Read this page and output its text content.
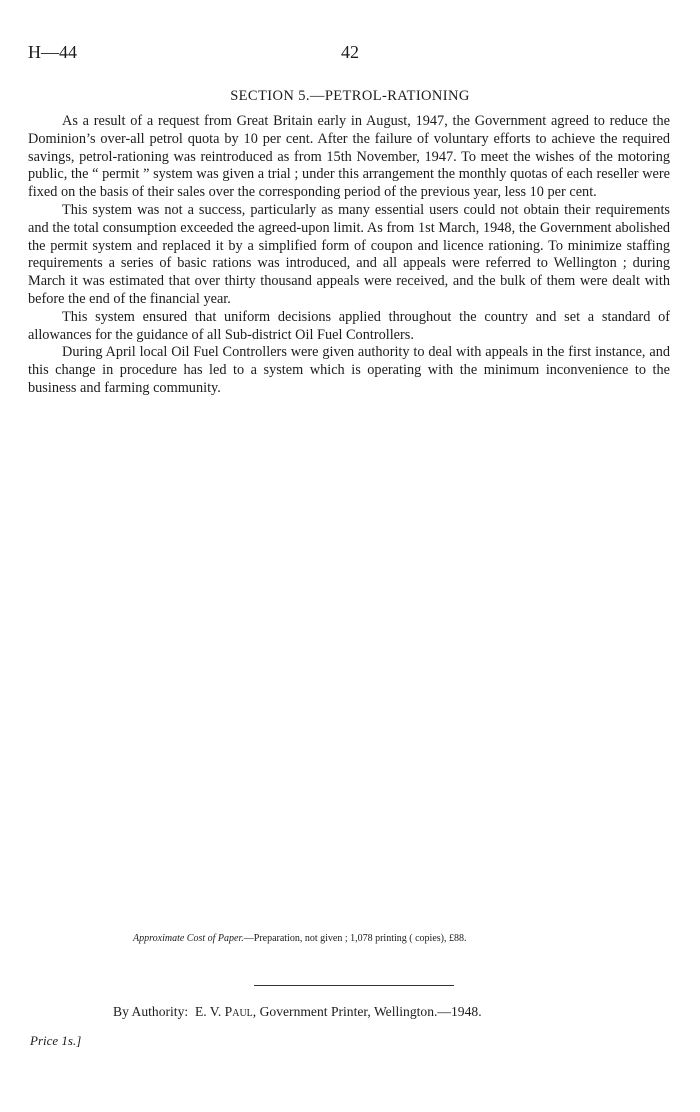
H—44	42
SECTION 5.—PETROL-RATIONING

As a result of a request from Great Britain early in August, 1947, the Government agreed to reduce the Dominion’s over-all petrol quota by 10 per cent. After the failure of voluntary efforts to achieve the required savings, petrol-rationing was reintroduced as from 15th November, 1947. To meet the wishes of the motoring public, the “ permit ” system was given a trial ; under this arrangement the monthly quotas of each reseller were fixed on the basis of their sales over the corresponding period of the previous year, less 10 per cent.

This system was not a success, particularly as many essential users could not obtain their requirements and the total consumption exceeded the agreed-upon limit. As from 1st March, 1948, the Government abolished the permit system and replaced it by a simplified form of coupon and licence rationing. To minimize staffing requirements a series of basic rations was introduced, and all appeals were referred to Wellington ; during March it was estimated that over thirty thousand appeals were received, and the bulk of them were dealt with before the end of the financial year.

This system ensured that uniform decisions applied throughout the country and set a standard of allowances for the guidance of all Sub-district Oil Fuel Controllers.

During April local Oil Fuel Controllers were given authority to deal with appeals in the first instance, and this change in procedure has led to a system which is operating with the minimum inconvenience to the business and farming community.

Approximate Cost of Paper.—Preparation, not given ; 1,078 printing ( copies), £88.
By Authority: E. V. Paul, Government Printer, Wellington.—1948.
Price 1s.]
